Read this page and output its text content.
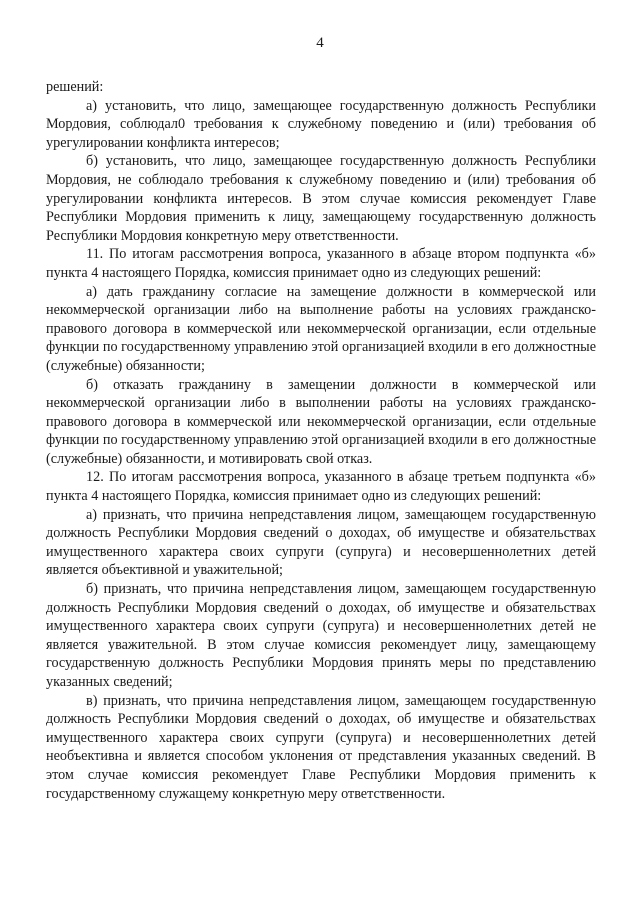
4

решений:

а) установить, что лицо, замещающее государственную должность Республики Мордовия, соблюдал0 требования к служебному поведению и (или) требования об урегулировании конфликта интересов;

б) установить, что лицо, замещающее государственную должность Республики Мордовия, не соблюдало требования к служебному поведению и (или) требования об урегулировании конфликта интересов. В этом случае комиссия рекомендует Главе Республики Мордовия применить к лицу, замещающему государственную должность Республики Мордовия конкретную меру ответственности.

11. По итогам рассмотрения вопроса, указанного в абзаце втором подпункта «б» пункта 4 настоящего Порядка, комиссия принимает одно из следующих решений:

а) дать гражданину согласие на замещение должности в коммерческой или некоммерческой организации либо на выполнение работы на условиях гражданско-правового договора в коммерческой или некоммерческой организации, если отдельные функции по государственному управлению этой организацией входили в его должностные (служебные) обязанности;

б) отказать гражданину в замещении должности в коммерческой или некоммерческой организации либо в выполнении работы на условиях гражданско-правового договора в коммерческой или некоммерческой организации, если отдельные функции по государственному управлению этой организацией входили в его должностные (служебные) обязанности, и мотивировать свой отказ.

12. По итогам рассмотрения вопроса, указанного в абзаце третьем подпункта «б» пункта 4 настоящего Порядка, комиссия принимает одно из следующих решений:

а) признать, что причина непредставления лицом, замещающем государственную должность Республики Мордовия сведений о доходах, об имуществе и обязательствах имущественного характера своих супруги (супруга) и несовершеннолетних детей является объективной и уважительной;

б) признать, что причина непредставления лицом, замещающем государственную должность Республики Мордовия сведений о доходах, об имуществе и обязательствах имущественного характера своих супруги (супруга) и несовершеннолетних детей не является уважительной. В этом случае комиссия рекомендует лицу, замещающему государственную должность Республики Мордовия принять меры по представлению указанных сведений;

в) признать, что причина непредставления лицом, замещающем государственную должность Республики Мордовия сведений о доходах, об имуществе и обязательствах имущественного характера своих супруги (супруга) и несовершеннолетних детей необъективна и является способом уклонения от представления указанных сведений. В этом случае комиссия рекомендует Главе Республики Мордовия применить к государственному служащему конкретную меру ответственности.
